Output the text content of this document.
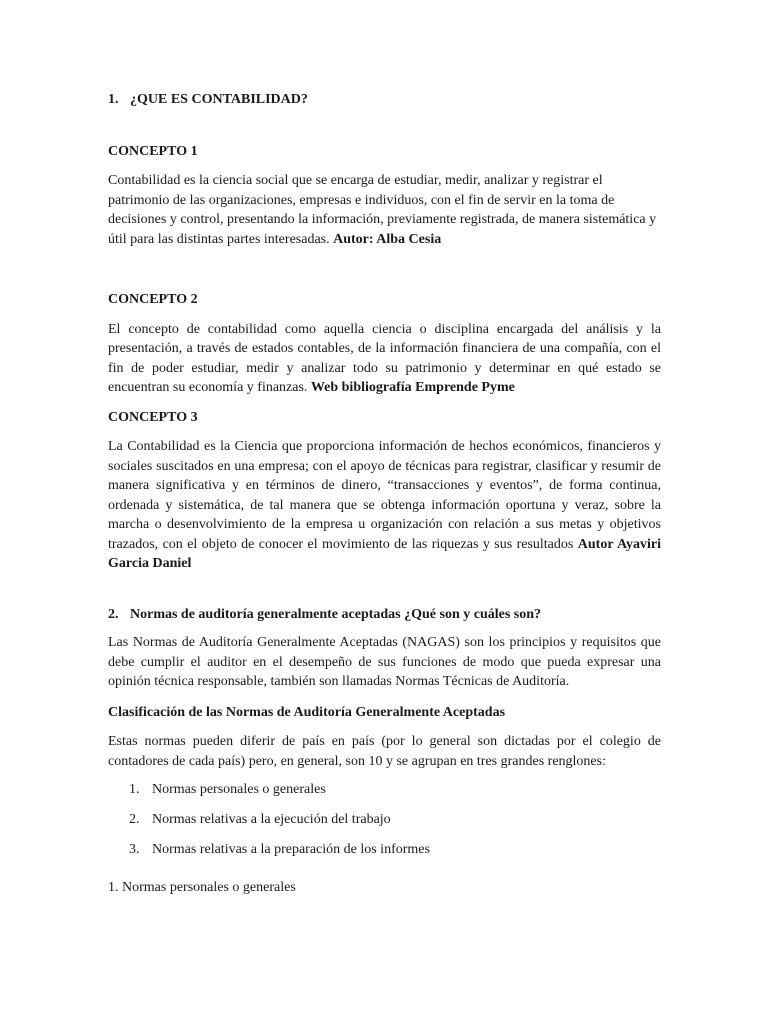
1. ¿QUE ES CONTABILIDAD?

CONCEPTO 1

Contabilidad es la ciencia social que se encarga de estudiar, medir, analizar y registrar el patrimonio de las organizaciones, empresas e individuos, con el fin de servir en la toma de decisiones y control, presentando la información, previamente registrada, de manera sistemática y útil para las distintas partes interesadas. Autor: Alba Cesia

CONCEPTO 2

El concepto de contabilidad como aquella ciencia o disciplina encargada del análisis y la presentación, a través de estados contables, de la información financiera de una compañía, con el fin de poder estudiar, medir y analizar todo su patrimonio y determinar en qué estado se encuentran su economía y finanzas. Web bibliografía Emprende Pyme

CONCEPTO 3

La Contabilidad es la Ciencia que proporciona información de hechos económicos, financieros y sociales suscitados en una empresa; con el apoyo de técnicas para registrar, clasificar y resumir de manera significativa y en términos de dinero, “transacciones y eventos”, de forma continua, ordenada y sistemática, de tal manera que se obtenga información oportuna y veraz, sobre la marcha o desenvolvimiento de la empresa u organización con relación a sus metas y objetivos trazados, con el objeto de conocer el movimiento de las riquezas y sus resultados Autor Ayaviri Garcia Daniel

2. Normas de auditoría generalmente aceptadas ¿Qué son y cuáles son?

Las Normas de Auditoría Generalmente Aceptadas (NAGAS) son los principios y requisitos que debe cumplir el auditor en el desempeño de sus funciones de modo que pueda expresar una opinión técnica responsable, también son llamadas Normas Técnicas de Auditoría.

Clasificación de las Normas de Auditoría Generalmente Aceptadas

Estas normas pueden diferir de país en país (por lo general son dictadas por el colegio de contadores de cada país) pero, en general, son 10 y se agrupan en tres grandes renglones:

1. Normas personales o generales
2. Normas relativas a la ejecución del trabajo
3. Normas relativas a la preparación de los informes

1. Normas personales o generales
